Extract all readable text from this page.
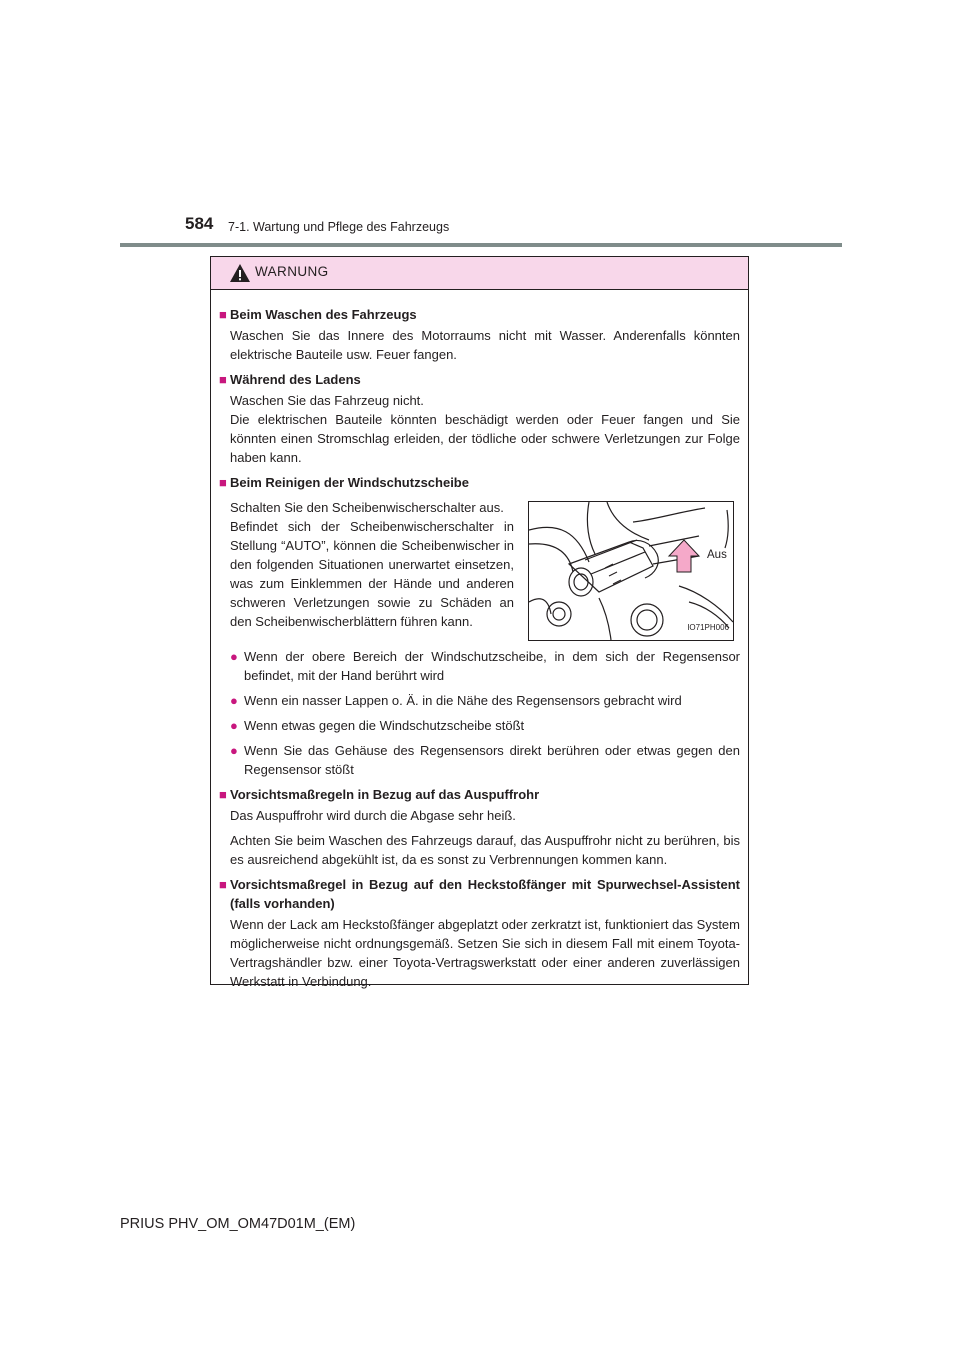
584 7-1. Wartung und Pflege des Fahrzeugs
WARNUNG
■ Beim Waschen des Fahrzeugs
Waschen Sie das Innere des Motorraums nicht mit Wasser. Anderenfalls könnten elektrische Bauteile usw. Feuer fangen.
■ Während des Ladens
Waschen Sie das Fahrzeug nicht.
Die elektrischen Bauteile könnten beschädigt werden oder Feuer fangen und Sie könnten einen Stromschlag erleiden, der tödliche oder schwere Verletzungen zur Folge haben kann.
■ Beim Reinigen der Windschutzscheibe
Schalten Sie den Scheibenwischerschalter aus.
Befindet sich der Scheibenwischerschalter in Stellung “AUTO”, können die Scheibenwischer in den folgenden Situationen unerwartet einsetzen, was zum Einklemmen der Hände und anderen schweren Verletzungen sowie zu Schäden an den Scheibenwischerblättern führen kann.
Aus
IO71PH006
● Wenn der obere Bereich der Windschutzscheibe, in dem sich der Regensensor befindet, mit der Hand berührt wird
● Wenn ein nasser Lappen o. Ä. in die Nähe des Regensensors gebracht wird
● Wenn etwas gegen die Windschutzscheibe stößt
● Wenn Sie das Gehäuse des Regensensors direkt berühren oder etwas gegen den Regensensor stößt
■ Vorsichtsmaßregeln in Bezug auf das Auspuffrohr
Das Auspuffrohr wird durch die Abgase sehr heiß.
Achten Sie beim Waschen des Fahrzeugs darauf, das Auspuffrohr nicht zu berühren, bis es ausreichend abgekühlt ist, da es sonst zu Verbrennungen kommen kann.
■ Vorsichtsmaßregel in Bezug auf den Heckstoßfänger mit Spurwechsel-Assistent (falls vorhanden)
Wenn der Lack am Heckstoßfänger abgeplatzt oder zerkratzt ist, funktioniert das System möglicherweise nicht ordnungsgemäß. Setzen Sie sich in diesem Fall mit einem Toyota-Vertragshändler bzw. einer Toyota-Vertragswerkstatt oder einer anderen zuverlässigen Werkstatt in Verbindung.
PRIUS PHV_OM_OM47D01M_(EM)
